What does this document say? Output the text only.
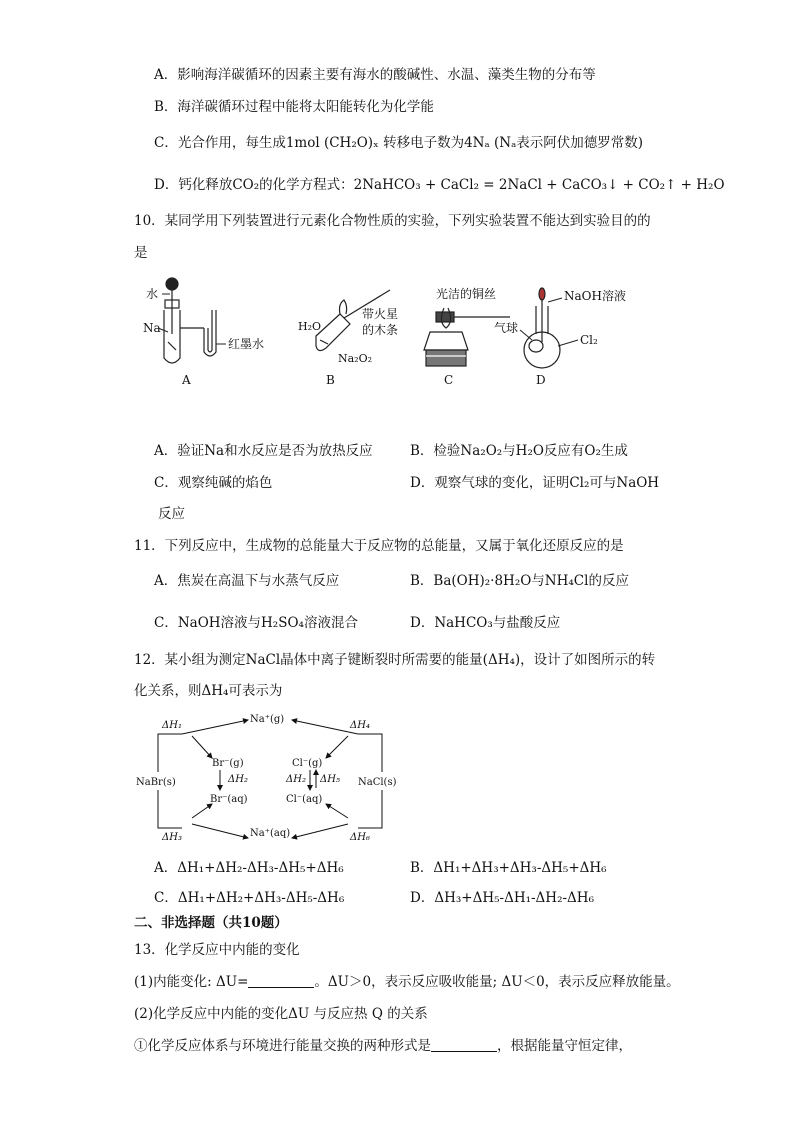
A．影响海洋碳循环的因素主要有海水的酸碱性、水温、藻类生物的分布等
B．海洋碳循环过程中能将太阳能转化为化学能
C．光合作用，每生成1mol (CH₂O)ₓ 转移电子数为4Nₐ (Nₐ表示阿伏加德罗常数)
D．钙化释放CO₂的化学方程式：2NaHCO₃ + CaCl₂ = 2NaCl + CaCO₃↓ + CO₂↑ + H₂O
10．某同学用下列装置进行元素化合物性质的实验，下列实验装置不能达到实验目的的
是
水
Na
红墨水
A
H₂O
带火星
的木条
Na₂O₂
B
光洁的铜丝
C
NaOH溶液
气球
Cl₂
D
A．验证Na和水反应是否为放热反应	B．检验Na₂O₂与H₂O反应有O₂生成
C．观察纯碱的焰色	D．观察气球的变化，证明Cl₂可与NaOH
反应
11．下列反应中，生成物的总能量大于反应物的总能量，又属于氧化还原反应的是
A．焦炭在高温下与水蒸气反应	B．Ba(OH)₂·8H₂O与NH₄Cl的反应
C．NaOH溶液与H₂SO₄溶液混合	D．NaHCO₃与盐酸反应
12．某小组为测定NaCl晶体中离子键断裂时所需要的能量(ΔH₄)，设计了如图所示的转
化关系，则ΔH₄可表示为
Na⁺(g)
Br⁻(g)
Br⁻(aq)
Cl⁻(g)
Cl⁻(aq)
NaBr(s)	NaCl(s)
Na⁺(aq)
ΔH₁
ΔH₂
ΔH₃
ΔH₄
ΔH₂ ΔH₅
ΔH₆
A．ΔH₁+ΔH₂-ΔH₃-ΔH₅+ΔH₆	B．ΔH₁+ΔH₃+ΔH₃-ΔH₅+ΔH₆
C．ΔH₁+ΔH₂+ΔH₃-ΔH₅-ΔH₆	D．ΔH₃+ΔH₅-ΔH₁-ΔH₂-ΔH₆
二、非选择题（共10题）
13．化学反应中内能的变化
(1)内能变化: ΔU=	。ΔU＞0，表示反应吸收能量; ΔU＜0，表示反应释放能量。
(2)化学反应中内能的变化ΔU 与反应热 Q 的关系
①化学反应体系与环境进行能量交换的两种形式是	，根据能量守恒定律，
